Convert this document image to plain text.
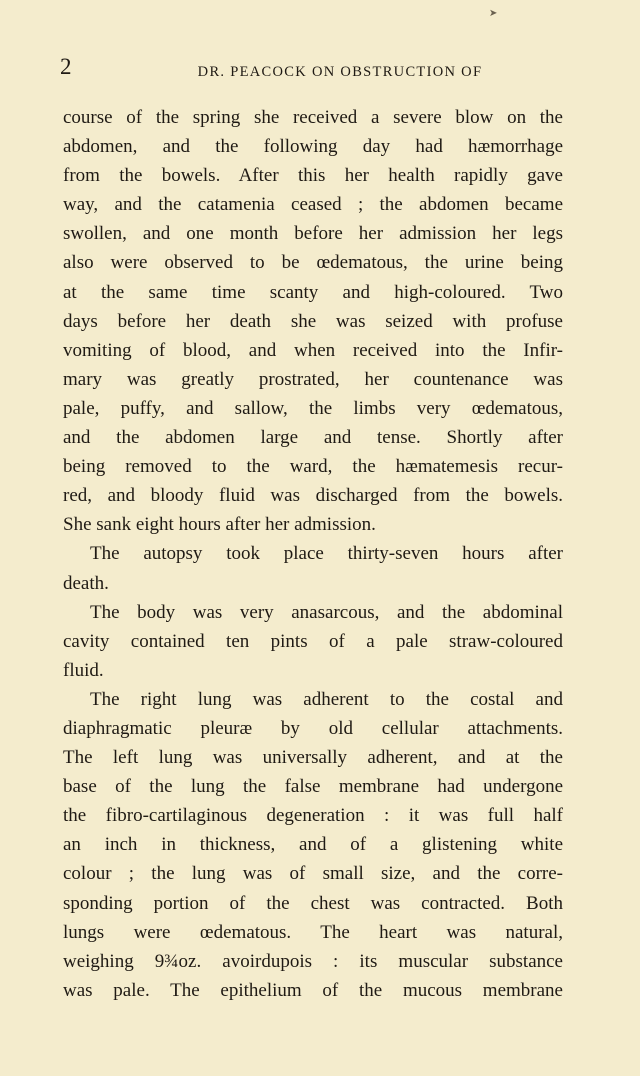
2	DR. PEACOCK ON OBSTRUCTION OF
➤
course of the spring she received a severe blow on the
abdomen, and the following day had hæmorrhage
from the bowels. After this her health rapidly gave
way, and the catamenia ceased ; the abdomen became
swollen, and one month before her admission her legs
also were observed to be œdematous, the urine being
at the same time scanty and high-coloured. Two
days before her death she was seized with profuse
vomiting of blood, and when received into the Infir-
mary was greatly prostrated, her countenance was
pale, puffy, and sallow, the limbs very œdematous,
and the abdomen large and tense. Shortly after
being removed to the ward, the hæmatemesis recur-
red, and bloody fluid was discharged from the bowels.
She sank eight hours after her admission.
The autopsy took place thirty-seven hours after
death.
The body was very anasarcous, and the abdominal
cavity contained ten pints of a pale straw-coloured
fluid.
The right lung was adherent to the costal and
diaphragmatic pleuræ by old cellular attachments.
The left lung was universally adherent, and at the
base of the lung the false membrane had undergone
the fibro-cartilaginous degeneration : it was full half
an inch in thickness, and of a glistening white
colour ; the lung was of small size, and the corre-
sponding portion of the chest was contracted. Both
lungs were œdematous. The heart was natural,
weighing 9¾oz. avoirdupois : its muscular substance
was pale. The epithelium of the mucous membrane
